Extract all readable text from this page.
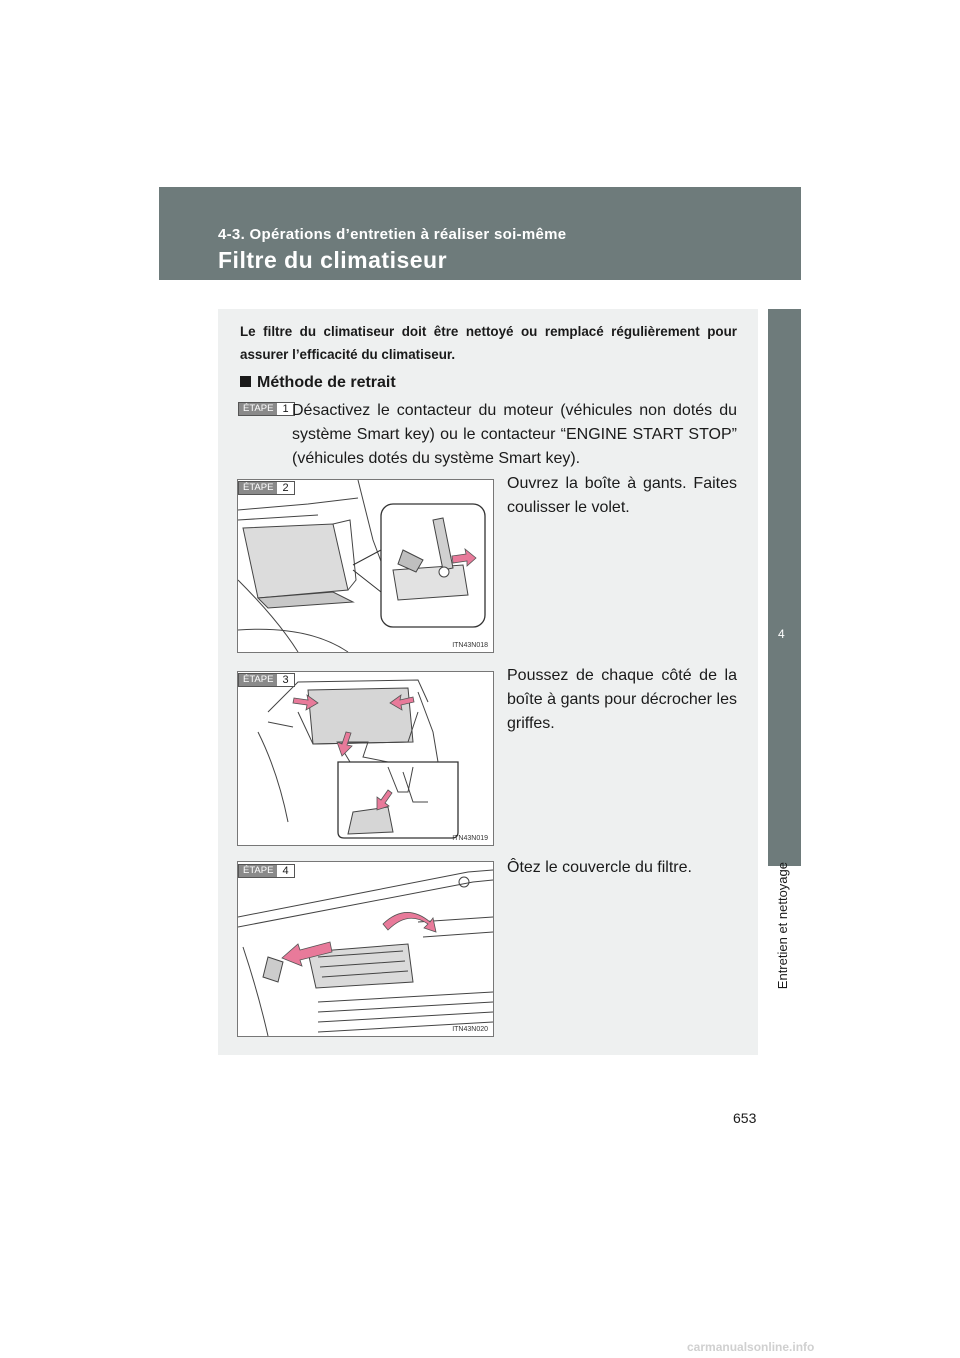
4-3. Opérations d’entretien à réaliser soi-même
Filtre du climatiseur
4
Entretien et nettoyage

Le filtre du climatiseur doit être nettoyé ou remplacé régulièrement pour assurer l’efficacité du climatiseur.

Méthode de retrait
ÉTAPE 1 Désactivez le contacteur du moteur (véhicules non dotés du système Smart key) ou le contacteur “ENGINE START STOP” (véhicules dotés du système Smart key).

ITN43N018
ÉTAPE 2	Ouvrez la boîte à gants. Faites coulisser le volet.

ITN43N019
ÉTAPE 3	Poussez de chaque côté de la boîte à gants pour décrocher les griffes.

ITN43N020
ÉTAPE 4	Ôtez le couvercle du filtre.

653
carmanualsonline.info
